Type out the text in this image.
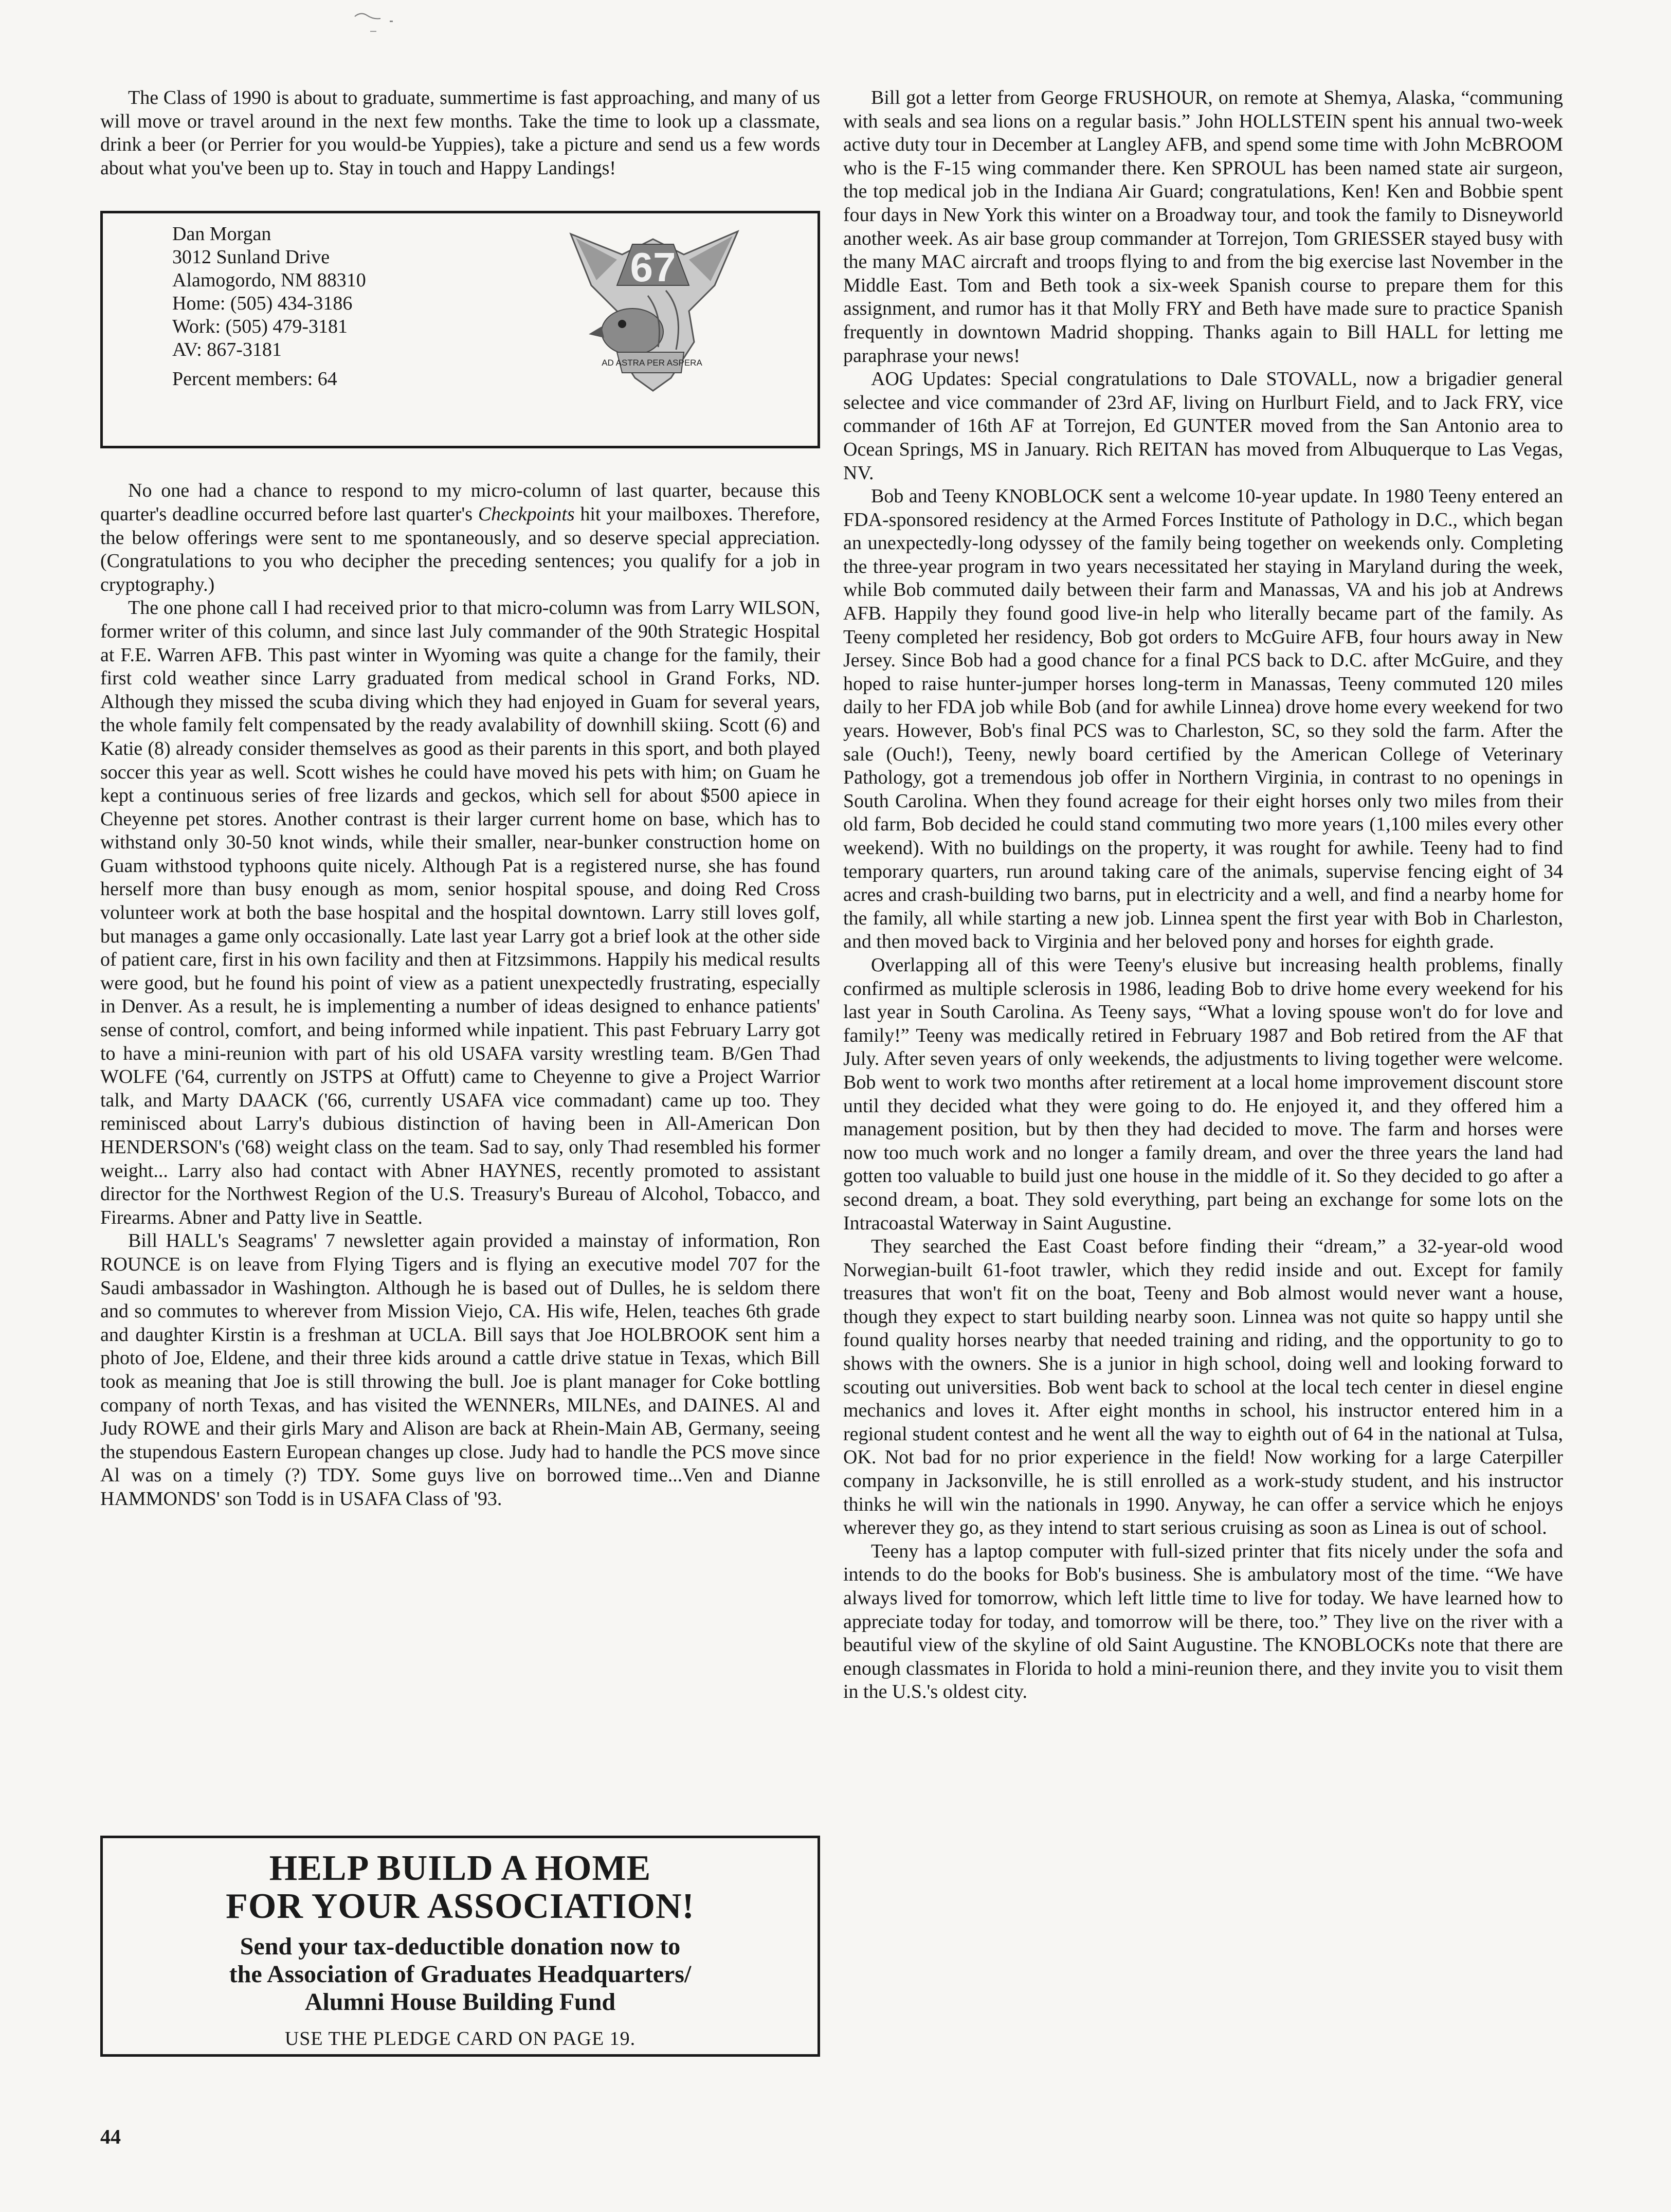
The Class of 1990 is about to graduate, summertime is fast approaching, and many of us will move or travel around in the next few months. Take the time to look up a classmate, drink a beer (or Perrier for you would-be Yuppies), take a picture and send us a few words about what you've been up to. Stay in touch and Happy Landings!

Dan Morgan
3012 Sunland Drive
Alamogordo, NM 88310
Home: (505) 434-3186
Work: (505) 479-3181
AV: 867-3181
Percent members: 64
67
AD ASTRA PER ASPERA

No one had a chance to respond to my micro-column of last quarter, because this quarter's deadline occurred before last quarter's Checkpoints hit your mailboxes. Therefore, the below offerings were sent to me spontaneously, and so deserve special appreciation. (Congratulations to you who decipher the preceding sentences; you qualify for a job in cryptography.)

The one phone call I had received prior to that micro-column was from Larry WILSON, former writer of this column, and since last July commander of the 90th Strategic Hospital at F.E. Warren AFB. This past winter in Wyoming was quite a change for the family, their first cold weather since Larry graduated from medical school in Grand Forks, ND. Although they missed the scuba diving which they had enjoyed in Guam for several years, the whole family felt compensated by the ready avalability of downhill skiing. Scott (6) and Katie (8) already consider themselves as good as their parents in this sport, and both played soccer this year as well. Scott wishes he could have moved his pets with him; on Guam he kept a continuous series of free lizards and geckos, which sell for about $500 apiece in Cheyenne pet stores. Another contrast is their larger current home on base, which has to withstand only 30-50 knot winds, while their smaller, near-bunker construction home on Guam withstood typhoons quite nicely. Although Pat is a registered nurse, she has found herself more than busy enough as mom, senior hospital spouse, and doing Red Cross volunteer work at both the base hospital and the hospital downtown. Larry still loves golf, but manages a game only occasionally. Late last year Larry got a brief look at the other side of patient care, first in his own facility and then at Fitzsimmons. Happily his medical results were good, but he found his point of view as a patient unexpectedly frustrating, especially in Denver. As a result, he is implementing a number of ideas designed to enhance patients' sense of control, comfort, and being informed while inpatient. This past February Larry got to have a mini-reunion with part of his old USAFA varsity wrestling team. B/Gen Thad WOLFE ('64, currently on JSTPS at Offutt) came to Cheyenne to give a Project Warrior talk, and Marty DAACK ('66, currently USAFA vice commadant) came up too. They reminisced about Larry's dubious distinction of having been in All-American Don HENDERSON's ('68) weight class on the team. Sad to say, only Thad resembled his former weight... Larry also had contact with Abner HAYNES, recently promoted to assistant director for the Northwest Region of the U.S. Treasury's Bureau of Alcohol, Tobacco, and Firearms. Abner and Patty live in Seattle.

Bill HALL's Seagrams' 7 newsletter again provided a mainstay of information, Ron ROUNCE is on leave from Flying Tigers and is flying an executive model 707 for the Saudi ambassador in Washington. Although he is based out of Dulles, he is seldom there and so commutes to wherever from Mission Viejo, CA. His wife, Helen, teaches 6th grade and daughter Kirstin is a freshman at UCLA. Bill says that Joe HOLBROOK sent him a photo of Joe, Eldene, and their three kids around a cattle drive statue in Texas, which Bill took as meaning that Joe is still throwing the bull. Joe is plant manager for Coke bottling company of north Texas, and has visited the WENNERs, MILNEs, and DAINES. Al and Judy ROWE and their girls Mary and Alison are back at Rhein-Main AB, Germany, seeing the stupendous Eastern European changes up close. Judy had to handle the PCS move since Al was on a timely (?) TDY. Some guys live on borrowed time...Ven and Dianne HAMMONDS' son Todd is in USAFA Class of '93.

HELP BUILD A HOME
FOR YOUR ASSOCIATION!
Send your tax-deductible donation now to
the Association of Graduates Headquarters/
Alumni House Building Fund
USE THE PLEDGE CARD ON PAGE 19.

Bill got a letter from George FRUSHOUR, on remote at Shemya, Alaska, “communing with seals and sea lions on a regular basis.” John HOLLSTEIN spent his annual two-week active duty tour in December at Langley AFB, and spend some time with John McBROOM who is the F-15 wing commander there. Ken SPROUL has been named state air surgeon, the top medical job in the Indiana Air Guard; congratulations, Ken! Ken and Bobbie spent four days in New York this winter on a Broadway tour, and took the family to Disneyworld another week. As air base group commander at Torrejon, Tom GRIESSER stayed busy with the many MAC aircraft and troops flying to and from the big exercise last November in the Middle East. Tom and Beth took a six-week Spanish course to prepare them for this assignment, and rumor has it that Molly FRY and Beth have made sure to practice Spanish frequently in downtown Madrid shopping. Thanks again to Bill HALL for letting me paraphrase your news!

AOG Updates: Special congratulations to Dale STOVALL, now a brigadier general selectee and vice commander of 23rd AF, living on Hurlburt Field, and to Jack FRY, vice commander of 16th AF at Torrejon, Ed GUNTER moved from the San Antonio area to Ocean Springs, MS in January. Rich REITAN has moved from Albuquerque to Las Vegas, NV.

Bob and Teeny KNOBLOCK sent a welcome 10-year update. In 1980 Teeny entered an FDA-sponsored residency at the Armed Forces Institute of Pathology in D.C., which began an unexpectedly-long odyssey of the family being together on weekends only. Completing the three-year program in two years necessitated her staying in Maryland during the week, while Bob commuted daily between their farm and Manassas, VA and his job at Andrews AFB. Happily they found good live-in help who literally became part of the family. As Teeny completed her residency, Bob got orders to McGuire AFB, four hours away in New Jersey. Since Bob had a good chance for a final PCS back to D.C. after McGuire, and they hoped to raise hunter-jumper horses long-term in Manassas, Teeny commuted 120 miles daily to her FDA job while Bob (and for awhile Linnea) drove home every weekend for two years. However, Bob's final PCS was to Charleston, SC, so they sold the farm. After the sale (Ouch!), Teeny, newly board certified by the American College of Veterinary Pathology, got a tremendous job offer in Northern Virginia, in contrast to no openings in South Carolina. When they found acreage for their eight horses only two miles from their old farm, Bob decided he could stand commuting two more years (1,100 miles every other weekend). With no buildings on the property, it was rought for awhile. Teeny had to find temporary quarters, run around taking care of the animals, supervise fencing eight of 34 acres and crash-building two barns, put in electricity and a well, and find a nearby home for the family, all while starting a new job. Linnea spent the first year with Bob in Charleston, and then moved back to Virginia and her beloved pony and horses for eighth grade.

Overlapping all of this were Teeny's elusive but increasing health problems, finally confirmed as multiple sclerosis in 1986, leading Bob to drive home every weekend for his last year in South Carolina. As Teeny says, “What a loving spouse won't do for love and family!” Teeny was medically retired in February 1987 and Bob retired from the AF that July. After seven years of only weekends, the adjustments to living together were welcome. Bob went to work two months after retirement at a local home improvement discount store until they decided what they were going to do. He enjoyed it, and they offered him a management position, but by then they had decided to move. The farm and horses were now too much work and no longer a family dream, and over the three years the land had gotten too valuable to build just one house in the middle of it. So they decided to go after a second dream, a boat. They sold everything, part being an exchange for some lots on the Intracoastal Waterway in Saint Augustine.

They searched the East Coast before finding their “dream,” a 32-year-old wood Norwegian-built 61-foot trawler, which they redid inside and out. Except for family treasures that won't fit on the boat, Teeny and Bob almost would never want a house, though they expect to start building nearby soon. Linnea was not quite so happy until she found quality horses nearby that needed training and riding, and the opportunity to go to shows with the owners. She is a junior in high school, doing well and looking forward to scouting out universities. Bob went back to school at the local tech center in diesel engine mechanics and loves it. After eight months in school, his instructor entered him in a regional student contest and he went all the way to eighth out of 64 in the national at Tulsa, OK. Not bad for no prior experience in the field! Now working for a large Caterpiller company in Jacksonville, he is still enrolled as a work-study student, and his instructor thinks he will win the nationals in 1990. Anyway, he can offer a service which he enjoys wherever they go, as they intend to start serious cruising as soon as Linea is out of school.

Teeny has a laptop computer with full-sized printer that fits nicely under the sofa and intends to do the books for Bob's business. She is ambulatory most of the time. “We have always lived for tomorrow, which left little time to live for today. We have learned how to appreciate today for today, and tomorrow will be there, too.” They live on the river with a beautiful view of the skyline of old Saint Augustine. The KNOBLOCKs note that there are enough classmates in Florida to hold a mini-reunion there, and they invite you to visit them in the U.S.'s oldest city.

44
